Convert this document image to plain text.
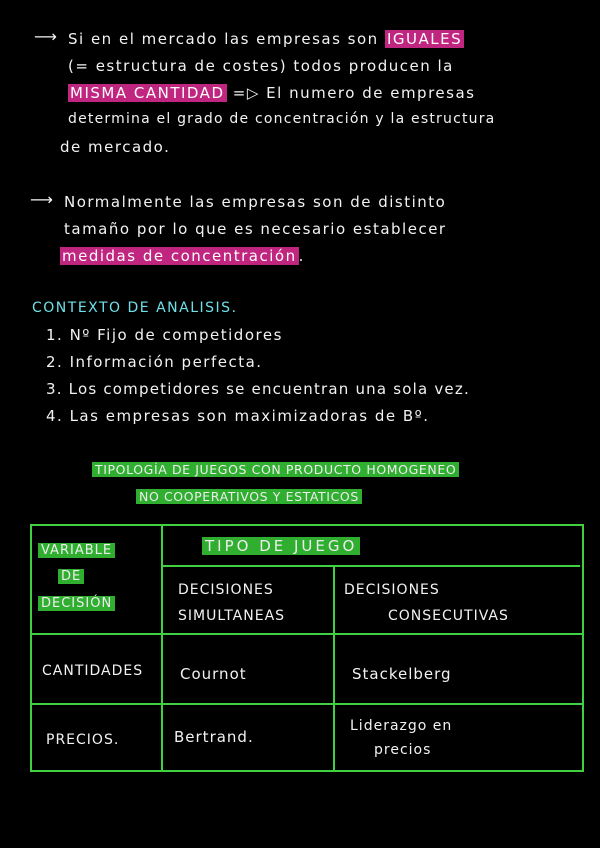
⟶ Si en el mercado las empresas son IGUALES
(= estructura de costes) todos producen la
MISMA CANTIDAD =▷ El numero de empresas
determina el grado de concentración y la estructura
de mercado.
⟶ Normalmente las empresas son de distinto
tamaño por lo que es necesario establecer
medidas de concentración .
CONTEXTO DE ANALISIS.
1. Nº Fijo de competidores
2. Información perfecta.
3. Los competidores se encuentran una sola vez.
4. Las empresas son maximizadoras de Bº.
TIPOLOGÍA DE JUEGOS CON PRODUCTO HOMOGENEO
NO COOPERATIVOS Y ESTATICOS
VARIABLE
DE
DECISIÓN
TIPO DE JUEGO
DECISIONES
SIMULTANEAS
DECISIONES
CONSECUTIVAS
CANTIDADES Cournot	Stackelberg
PRECIOS.	Bertrand.
Liderazgo en
precios
